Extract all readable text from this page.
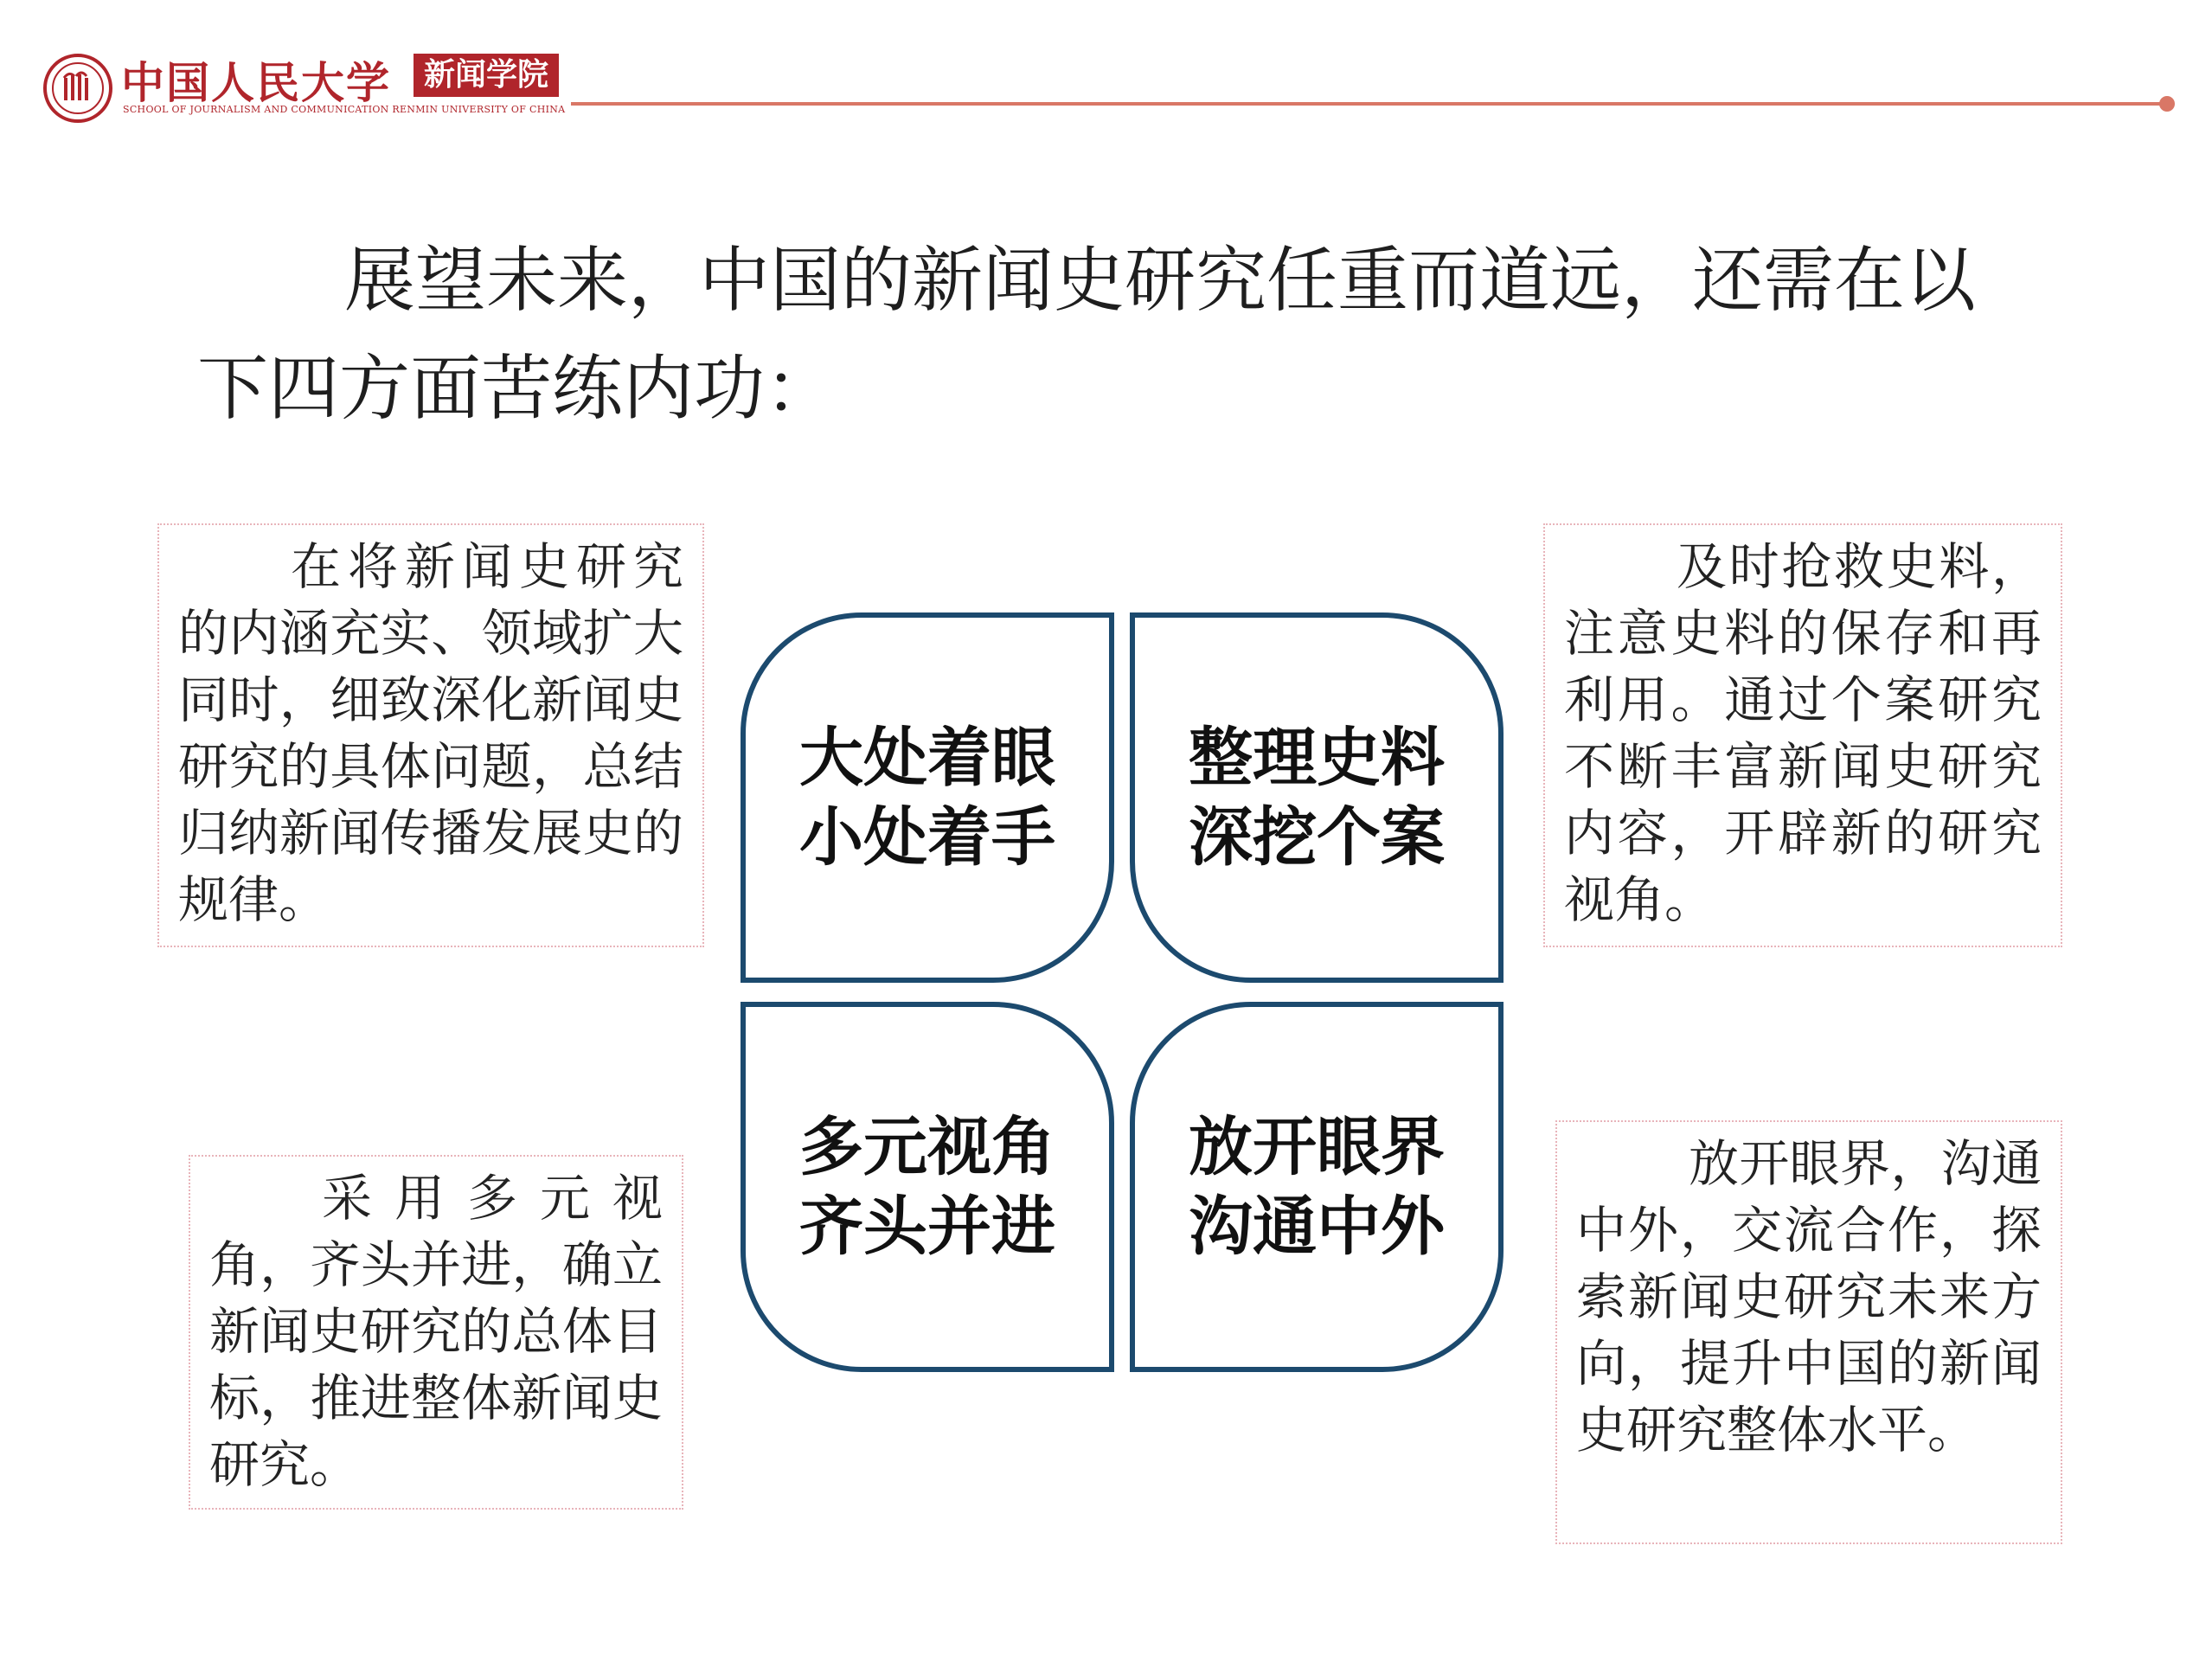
中国人民大学	新闻学院
SCHOOL OF JOURNALISM AND COMMUNICATION RENMIN UNIVERSITY OF CHINA
展望未来，中国的新闻史研究任重而道远，还需在以下四方面苦练内功：
在将新闻史研究的内涵充实、领域扩大同时，细致深化新闻史研究的具体问题，总结归纳新闻传播发展史的规律。
及时抢救史料，注意史料的保存和再利用。通过个案研究不断丰富新闻史研究内容，开辟新的研究视角。
采用多元视角，齐头并进，确立新闻史研究的总体目标，推进整体新闻史研究。
放开眼界，沟通中外，交流合作，探索新闻史研究未来方向，提升中国的新闻史研究整体水平。
大处着眼
小处着手
整理史料
深挖个案
多元视角
齐头并进
放开眼界
沟通中外
